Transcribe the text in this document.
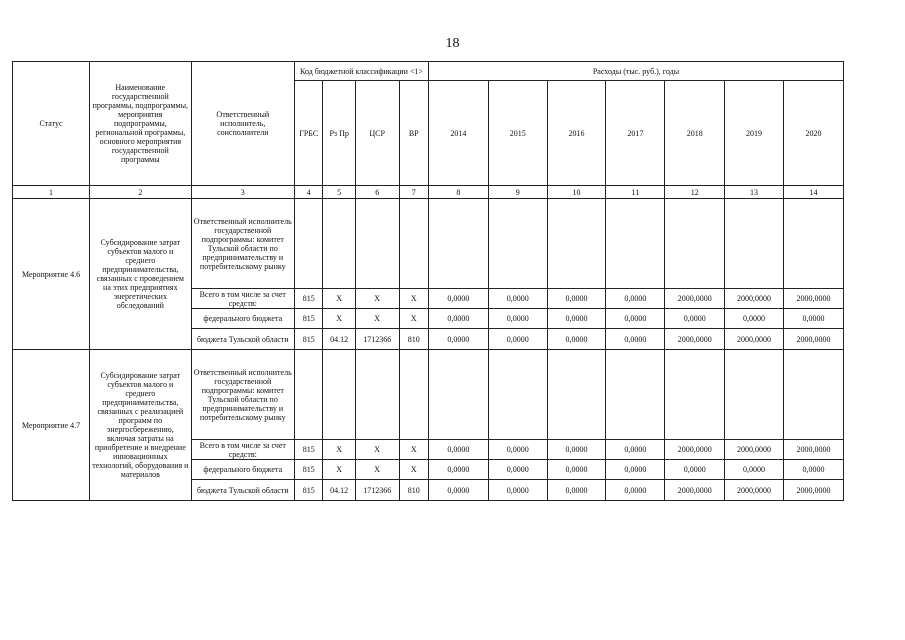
18
Статус	Наименование государственной программы, подпрограммы, мероприятия подпрограммы, региональной программы, основного мероприятия государственной программы	Ответственный исполнитель, соисполнители	Код бюджетной классификации <1>				Расходы (тыс. руб.), годы						
			ГРБС	Рз Пр	ЦСР	ВР	2014	2015	2016	2017	2018	2019	2020
1	2	3	4	5	6	7	8	9	10	11	12	13	14
Мероприятие 4.6	Субсидирование затрат субъектов малого и среднего предпринимательства, связанных с проведением на этих предприятиях энергетических обследований	Ответственный исполнитель государственной подпрограммы: комитет Тульской области по предпринимательству и потребительскому рынку											
		Всего в том числе за счет средств:	815	X	X	X	0,0000	0,0000	0,0000	0,0000	2000,0000	2000,0000	2000,0000
		федерального бюджета	815	X	X	X	0,0000	0,0000	0,0000	0,0000	0,0000	0,0000	0,0000
		бюджета Тульской области	815	04.12	1712366	810	0,0000	0,0000	0,0000	0,0000	2000,0000	2000,0000	2000,0000
Мероприятие 4.7	Субсидирование затрат субъектов малого и среднего предпринимательства, связанных с реализацией программ по энергосбережению, включая затраты на приобретение и внедрение инновационных технологий, оборудования и материалов	Ответственный исполнитель государственной подпрограммы: комитет Тульской области по предпринимательству и потребительскому рынку											
		Всего в том числе за счет средств:	815	X	X	X	0,0000	0,0000	0,0000	0,0000	2000,0000	2000,0000	2000,0000
		федерального бюджета	815	X	X	X	0,0000	0,0000	0,0000	0,0000	0,0000	0,0000	0,0000
		бюджета Тульской области	815	04.12	1712366	810	0,0000	0,0000	0,0000	0,0000	2000,0000	2000,0000	2000,0000
